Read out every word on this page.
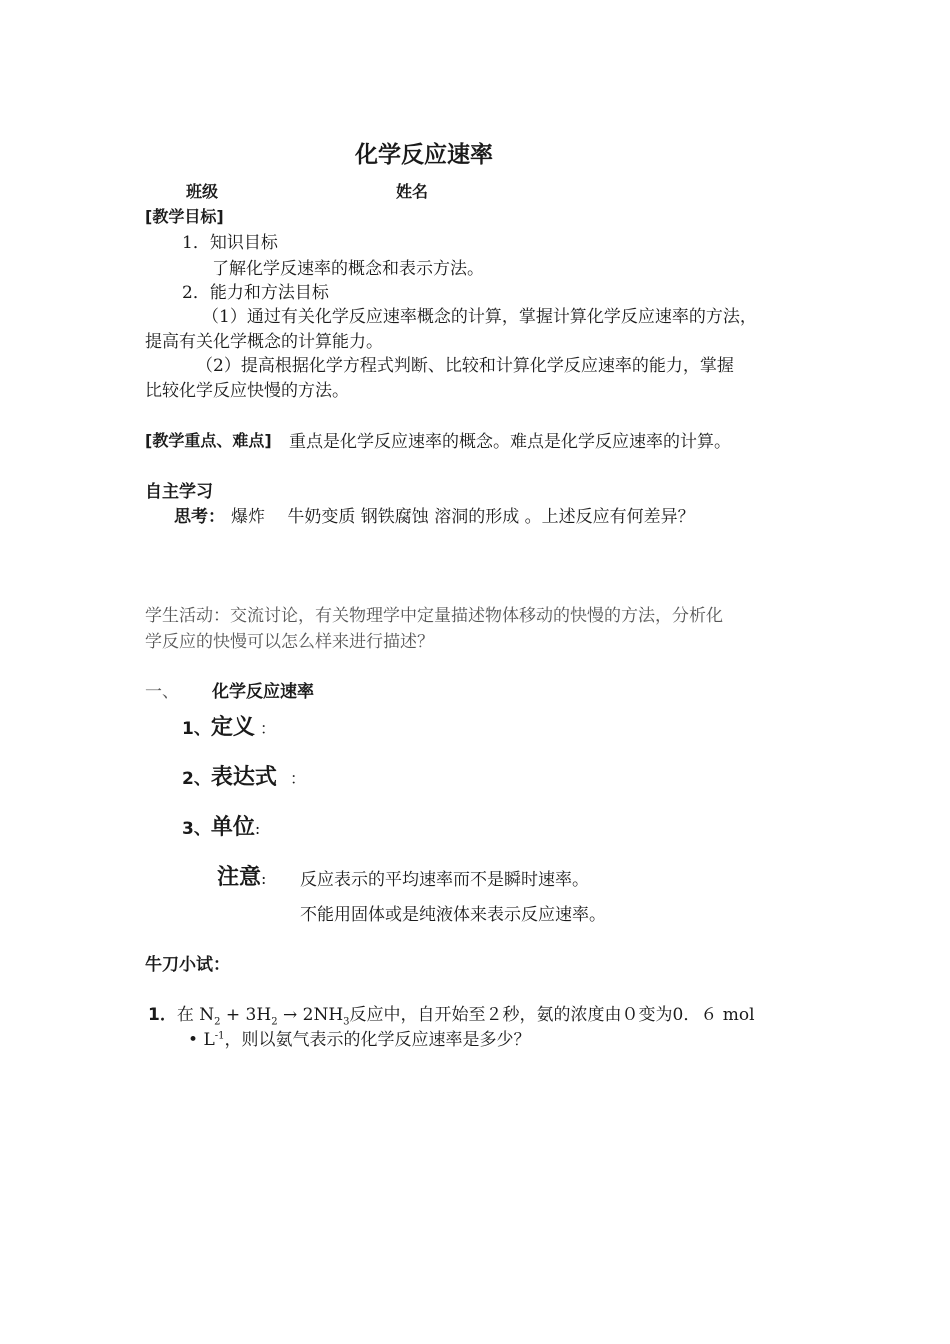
化学反应速率
班级	姓名
[教学目标]
1．知识目标
了解化学反速率的概念和表示方法。
2．能力和方法目标
（1）通过有关化学反应速率概念的计算，掌握计算化学反应速率的方法，
提高有关化学概念的计算能力。
（2）提高根据化学方程式判断、比较和计算化学反应速率的能力，掌握
比较化学反应快慢的方法。
[教学重点、难点] 重点是化学反应速率的概念。难点是化学反应速率的计算。
自主学习
思考： 爆炸　 牛奶变质 钢铁腐蚀 溶洞的形成 。上述反应有何差异？
学生活动：交流讨论，有关物理学中定量描述物体移动的快慢的方法，分析化
学反应的快慢可以怎么样来进行描述？
一、 化学反应速率
1、定义 ：
2、表达式 ：
3、单位:
注意: 反应表示的平均速率而不是瞬时速率。
不能用固体或是纯液体来表示反应速率。
牛刀小试：
1．在 $N_2 + 3H_2 \to 2NH_3$反应中，自开始至２秒，氨的浓度由０变为0．６ mol
• $L^{-1}$，则以氨气表示的化学反应速率是多少？
